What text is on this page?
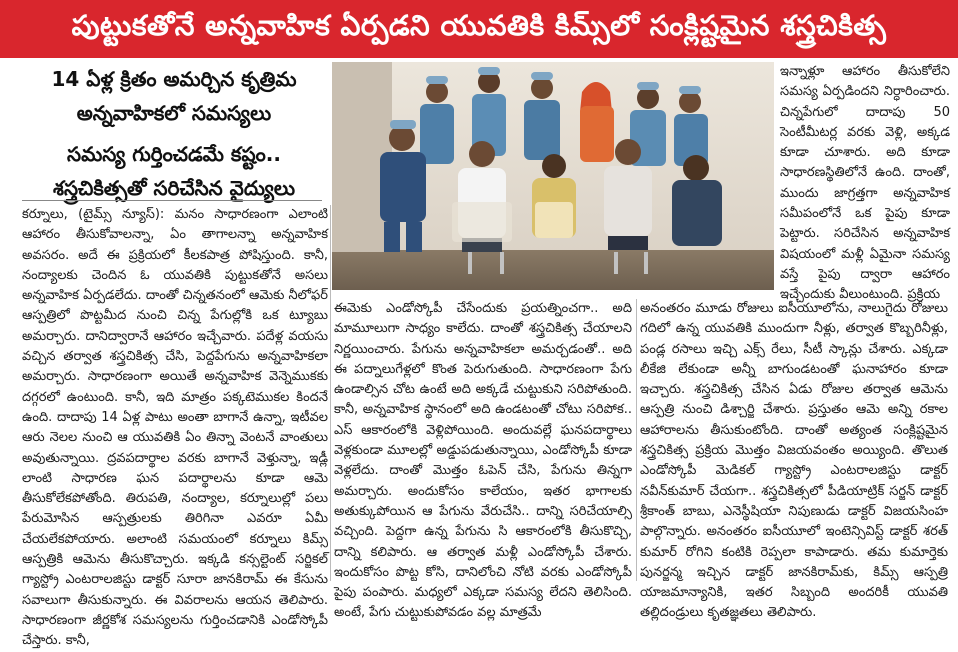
పుట్టుకతోనే అన్నవాహిక ఏర్పడని యువతికి కిమ్స్‌లో సంక్లిష్టమైన శస్త్రచికిత్స
14 ఏళ్ల క్రితం అమర్చిన కృత్రిమ అన్నవాహికలో సమస్యలు
సమస్య గుర్తించడమే కష్టం.. శస్త్రచికిత్సతో సరిచేసిన వైద్యులు

కర్నూలు, (టైమ్స్ న్యూస్): మనం సాధారణంగా ఎలాంటి ఆహారం తీసుకోవాలన్నా, ఏం తాగాలన్నా అన్నవాహిక అవసరం. అదే ఈ ప్రక్రియలో కీలకపాత్ర పోషిస్తుంది. కానీ, నంద్యాలకు చెందిన ఓ యువతికి పుట్టుకతోనే అసలు అన్నవాహిక ఏర్పడలేదు. దాంతో చిన్నతనంలో ఆమెకు నీలోఫర్ ఆస్పత్రిలో పొట్టమీద నుంచి చిన్న పేగుల్లోకి ఒక ట్యూబు అమర్చారు. దానిద్వారానే ఆహారం ఇచ్చేవారు. పదేళ్ల వయసు వచ్చిన తర్వాత శస్త్రచికిత్స చేసి, పెద్దపేగును అన్నవాహికలా అమర్చారు. సాధారణంగా అయితే అన్నవాహిక వెన్నెముకకు దగ్గరలో ఉంటుంది. కానీ, ఇది మాత్రం పక్కటెముకల కిందనే ఉంది. దాదాపు 14 ఏళ్ల పాటు అంతా బాగానే ఉన్నా, ఇటీవల ఆరు నెలల నుంచి ఆ యువతికి ఏం తిన్నా వెంటనే వాంతులు అవుతున్నాయి. ద్రవపదార్థాల వరకు బాగానే వెళ్తున్నా, ఇడ్లీ లాంటి సాధారణ ఘన పదార్థాలను కూడా ఆమె తీసుకోలేకపోతోంది. తిరుపతి, నంద్యాల, కర్నూలుల్లో పలు పేరుమోసిన ఆస్పత్రులకు తిరిగినా ఎవరూ ఏమీ చేయలేకపోయారు. అలాంటి సమయంలో కర్నూలు కిమ్స్ ఆస్పత్రికి ఆమెను తీసుకొచ్చారు. ఇక్కడి కన్సల్టెంట్ సర్జికల్ గ్యాస్ట్రో ఎంటరాలజిస్టు డాక్టర్ సూరా జానకిరామ్ ఈ కేసును సవాలుగా తీసుకున్నారు. ఈ వివరాలను ఆయన తెలిపారు. సాధారణంగా జీర్ణకోశ సమస్యలను గుర్తించడానికి ఎండోస్కోపీ చేస్తారు. కానీ,

ఇన్నాళ్లూ ఆహారం తీసుకోలేని సమస్య ఏర్పడిందని నిర్ధారించారు. చిన్నపేగులో దాదాపు 50 సెంటీమీటర్ల వరకు వెళ్లి, అక్కడ కూడా చూశారు. అది కూడా సాధారణస్థితిలోనే ఉంది. దాంతో, ముందు జాగ్రత్తగా అన్నవాహిక సమీపంలోనే ఒక పైపు కూడా పెట్టారు. సరిచేసిన అన్నవాహిక విషయంలో మళ్లీ ఏమైనా సమస్య వస్తే పైపు ద్వారా ఆహారం ఇచ్చేందుకు వీలుంటుంది. ప్రక్రియ

ఈమెకు ఎండోస్కోపీ చేసేందుకు ప్రయత్నించగా.. అది మామూలుగా సాధ్యం కాలేదు. దాంతో శస్త్రచికిత్స చేయాలని నిర్ణయించారు. పేగును అన్నవాహికలా అమర్చడంతో.. అది ఈ పద్నాలుగేళ్లలో కొంత పెరుగుతుంది. సాధారణంగా పేగు ఉండాల్సిన చోట ఉంటే అది అక్కడే చుట్టుకుని సరిపోతుంది. కానీ, అన్నవాహిక స్థానంలో అది ఉండటంతో చోటు సరిపోక.. ఎస్ ఆకారంలోకి వెళ్లిపోయింది. అందువల్లే ఘనపదార్థాలు వెళ్లకుండా మూలల్లో అడ్డుపడుతున్నాయి, ఎండోస్కోపీ కూడా వెళ్లలేదు. దాంతో మొత్తం ఓపెన్ చేసి, పేగును తిన్నగా అమర్చారు. అందుకోసం కాలేయం, ఇతర భాగాలకు అతుక్కుపోయిన ఆ పేగును వేరుచేసి.. దాన్ని సరిచేయాల్సి వచ్చింది. పెద్దగా ఉన్న పేగును సి ఆకారంలోకి తీసుకొచ్చి, దాన్ని కలిపారు. ఆ తర్వాత మళ్లీ ఎండోస్కోపీ చేశారు. ఇందుకోసం పొట్ట కోసి, దానిలోంచి నోటి వరకు ఎండోస్కోపీ పైపు పంపారు. మధ్యలో ఎక్కడా సమస్య లేదని తెలిసింది. అంటే, పేగు చుట్టుకుపోవడం వల్ల మాత్రమే

అనంతరం మూడు రోజులు ఐసీయూలోను, నాలుగైదు రోజులు గదిలో ఉన్న యువతికి ముందుగా నీళ్లు, తర్వాత కొబ్బరినీళ్లు, పండ్ల రసాలు ఇచ్చి ఎక్స్ రేలు, సీటీ స్కాన్లు చేశారు. ఎక్కడా లీకేజి లేకుండా అన్నీ బాగుండటంతో ఘనాహారం కూడా ఇచ్చారు. శస్త్రచికిత్స చేసిన ఏడు రోజుల తర్వాత ఆమెను ఆస్పత్రి నుంచి డిశ్చార్జి చేశారు. ప్రస్తుతం ఆమె అన్ని రకాల ఆహారాలను తీసుకుంటోంది. దాంతో అత్యంత సంక్లిష్టమైన శస్త్రచికిత్స ప్రక్రియ మొత్తం విజయవంతం అయ్యింది. తొలుత ఎండోస్కోపీ మెడికల్ గ్యాస్ట్రో ఎంటరాలజిస్టు డాక్టర్ నవీన్‌కుమార్ చేయగా.. శస్త్రచికిత్సలో పీడియాట్రిక్ సర్జన్ డాక్టర్ శ్రీకాంత్ బాబు, ఎనెస్థీషియా నిపుణుడు డాక్టర్ విజయసింహ పాల్గొన్నారు. అనంతరం ఐసీయూలో ఇంటెన్సివిస్ట్ డాక్టర్ శరత్ కుమార్ రోగిని కంటికి రెప్పలా కాపాడారు. తమ కుమార్తెకు పునర్జన్మ ఇచ్చిన డాక్టర్ జానకిరామ్‌కు, కిమ్స్ ఆస్పత్రి యాజమాన్యానికి, ఇతర సిబ్బంది అందరికీ యువతి తల్లిదండ్రులు కృతజ్ఞతలు తెలిపారు.
